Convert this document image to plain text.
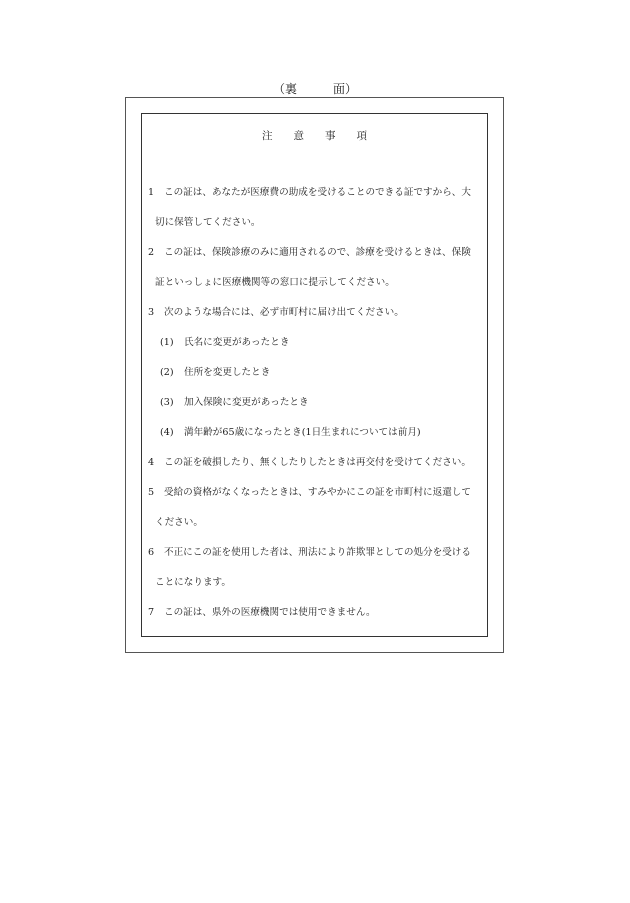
（裏　　　面）
注　　意　　事　　項
1 この証は、あなたが医療費の助成を受けることのできる証ですから、大
切に保管してください。
2 この証は、保険診療のみに適用されるので、診療を受けるときは、保険
証といっしょに医療機関等の窓口に提示してください。
3 次のような場合には、必ず市町村に届け出てください。
(1) 氏名に変更があったとき
(2) 住所を変更したとき
(3) 加入保険に変更があったとき
(4) 満年齢が65歳になったとき(1日生まれについては前月)
4 この証を破損したり、無くしたりしたときは再交付を受けてください。
5 受給の資格がなくなったときは、すみやかにこの証を市町村に返還して
ください。
6 不正にこの証を使用した者は、刑法により詐欺罪としての処分を受ける
ことになります。
7 この証は、県外の医療機関では使用できません。
